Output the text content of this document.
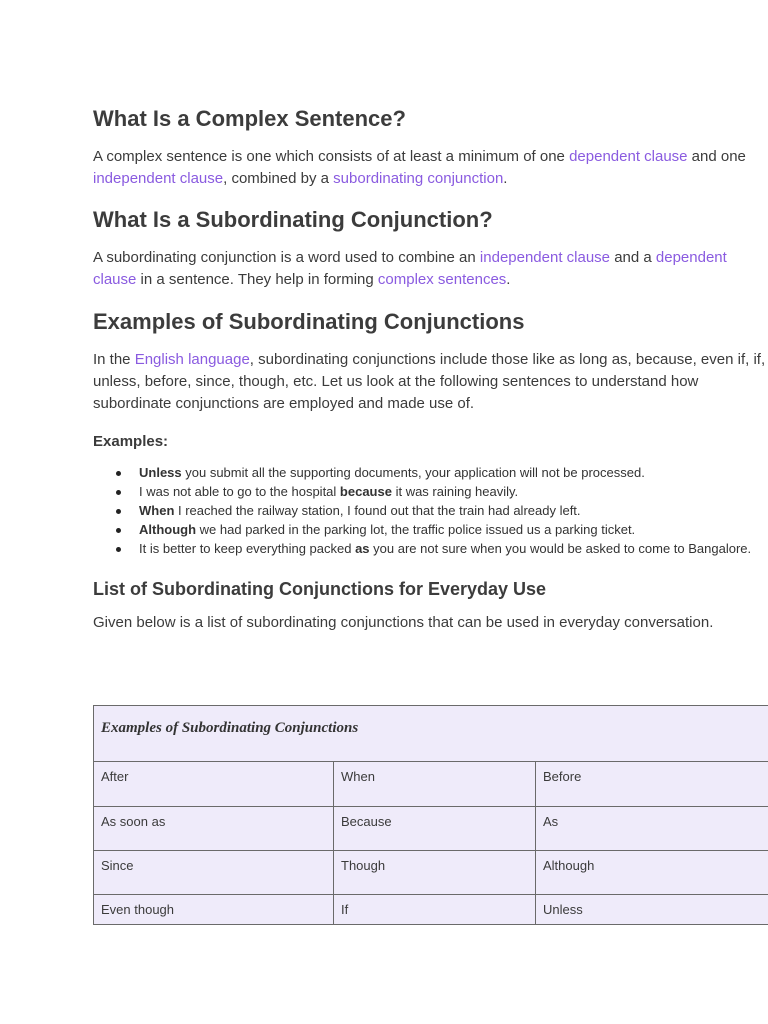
What Is a Complex Sentence?

A complex sentence is one which consists of at least a minimum of one dependent clause and one independent clause, combined by a subordinating conjunction.

What Is a Subordinating Conjunction?

A subordinating conjunction is a word used to combine an independent clause and a dependent clause in a sentence. They help in forming complex sentences.

Examples of Subordinating Conjunctions

In the English language, subordinating conjunctions include those like as long as, because, even if, if, unless, before, since, though, etc. Let us look at the following sentences to understand how subordinate conjunctions are employed and made use of.

Examples:
Unless you submit all the supporting documents, your application will not be processed.
I was not able to go to the hospital because it was raining heavily.
When I reached the railway station, I found out that the train had already left.
Although we had parked in the parking lot, the traffic police issued us a parking ticket.
It is better to keep everything packed as you are not sure when you would be asked to come to Bangalore.
List of Subordinating Conjunctions for Everyday Use

Given below is a list of subordinating conjunctions that can be used in everyday conversation.

Examples of Subordinating Conjunctions		
After	When	Before
As soon as	Because	As
Since	Though	Although
Even though	If	Unless
